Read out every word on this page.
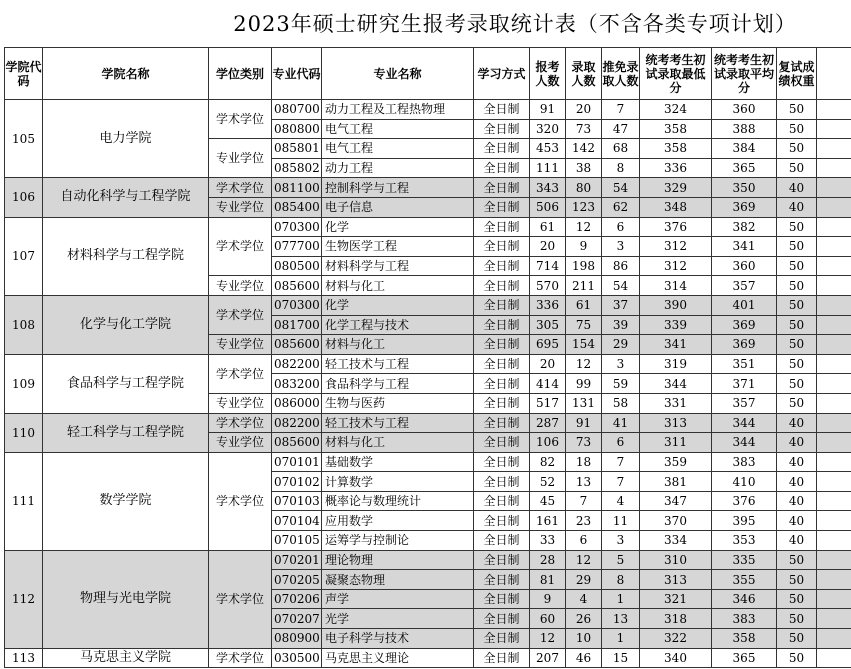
2023年硕士研究生报考录取统计表（不含各类专项计划）
学院代码	学院名称	学位类别	专业代码	专业名称	学习方式	报考人数	录取人数	推免录取人数	统考考生初试录取最低分	统考考生初试录取平均分	复试成绩权重	
105	电力学院	学术学位	080700	动力工程及工程热物理	全日制	91	20	7	324	360	50	
			080800	电气工程	全日制	320	73	47	358	388	50	
		专业学位	085801	电气工程	全日制	453	142	68	358	384	50	
			085802	动力工程	全日制	111	38	8	336	365	50	
106	自动化科学与工程学院	学术学位	081100	控制科学与工程	全日制	343	80	54	329	350	40	
		专业学位	085400	电子信息	全日制	506	123	62	348	369	40	
107	材料科学与工程学院	学术学位	070300	化学	全日制	61	12	6	376	382	50	
			077700	生物医学工程	全日制	20	9	3	312	341	50	
			080500	材料科学与工程	全日制	714	198	86	312	360	50	
		专业学位	085600	材料与化工	全日制	570	211	54	314	357	50	
108	化学与化工学院	学术学位	070300	化学	全日制	336	61	37	390	401	50	
			081700	化学工程与技术	全日制	305	75	39	339	369	50	
		专业学位	085600	材料与化工	全日制	695	154	29	341	369	50	
109	食品科学与工程学院	学术学位	082200	轻工技术与工程	全日制	20	12	3	319	351	50	
			083200	食品科学与工程	全日制	414	99	59	344	371	50	
		专业学位	086000	生物与医药	全日制	517	131	58	331	357	50	
110	轻工科学与工程学院	学术学位	082200	轻工技术与工程	全日制	287	91	41	313	344	40	
		专业学位	085600	材料与化工	全日制	106	73	6	311	344	40	
111	数学学院	学术学位	070101	基础数学	全日制	82	18	7	359	383	40	
			070102	计算数学	全日制	52	13	7	381	410	40	
			070103	概率论与数理统计	全日制	45	7	4	347	376	40	
			070104	应用数学	全日制	161	23	11	370	395	40	
			070105	运筹学与控制论	全日制	33	6	3	334	353	40	
112	物理与光电学院	学术学位	070201	理论物理	全日制	28	12	5	310	335	50	
			070205	凝聚态物理	全日制	81	29	8	313	355	50	
			070206	声学	全日制	9	4	1	321	346	50	
			070207	光学	全日制	60	26	13	318	383	50	
			080900	电子科学与技术	全日制	12	10	1	322	358	50	
113	马克思主义学院	学术学位	030500	马克思主义理论	全日制	207	46	15	340	365	50	
